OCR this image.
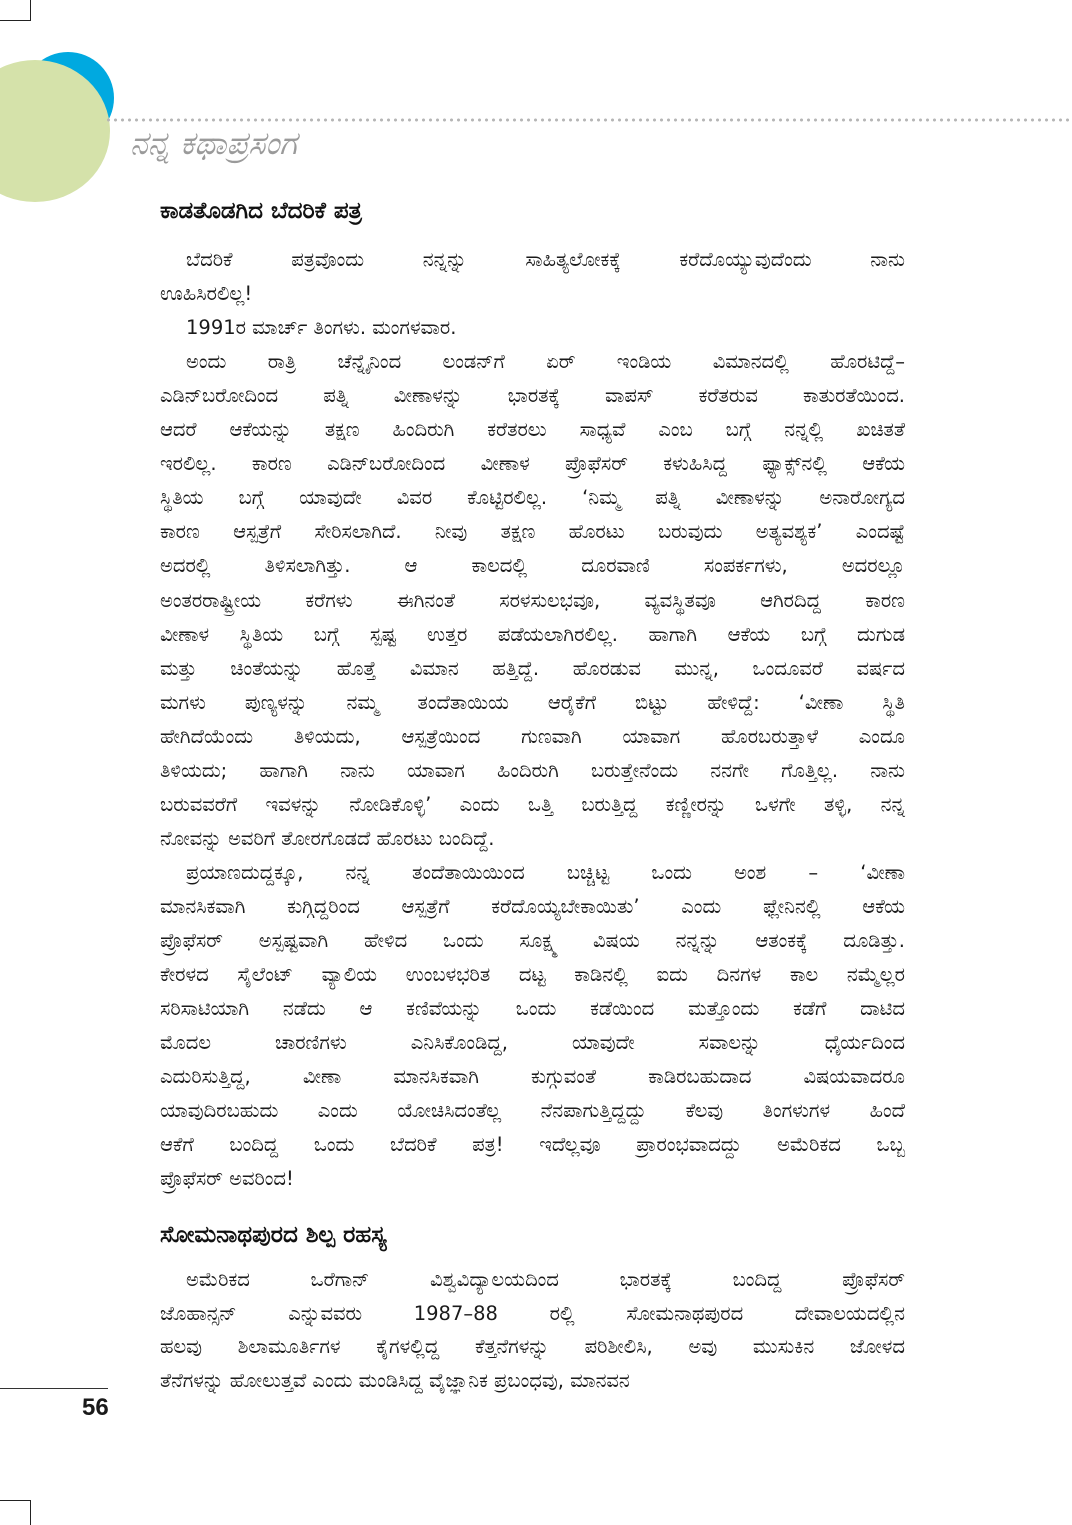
ನನ್ನ ಕಥಾಪ್ರಸಂಗ
ಕಾಡತೊಡಗಿದ ಬೆದರಿಕೆ ಪತ್ರ
ಬೆದರಿಕೆ ಪತ್ರವೊಂದು ನನ್ನನ್ನು ಸಾಹಿತ್ಯಲೋಕಕ್ಕೆ ಕರೆದೊಯ್ಯುವುದೆಂದು ನಾನು
ಊಹಿಸಿರಲಿಲ್ಲ!
1991ರ ಮಾರ್ಚ್ ತಿಂಗಳು. ಮಂಗಳವಾರ.
ಅಂದು ರಾತ್ರಿ ಚೆನ್ನೈನಿಂದ ಲಂಡನ್‌ಗೆ ಏರ್ ಇಂಡಿಯ ವಿಮಾನದಲ್ಲಿ ಹೊರಟಿದ್ದೆ–
ಎಡಿನ್‌ಬರೋದಿಂದ ಪತ್ನಿ ವೀಣಾಳನ್ನು ಭಾರತಕ್ಕೆ ವಾಪಸ್ ಕರೆತರುವ ಕಾತುರತೆಯಿಂದ.
ಆದರೆ ಆಕೆಯನ್ನು ತಕ್ಷಣ ಹಿಂದಿರುಗಿ ಕರೆತರಲು ಸಾಧ್ಯವೆ ಎಂಬ ಬಗ್ಗೆ ನನ್ನಲ್ಲಿ ಖಚಿತತೆ
ಇರಲಿಲ್ಲ. ಕಾರಣ ಎಡಿನ್‌ಬರೋದಿಂದ ವೀಣಾಳ ಪ್ರೊಫೆಸರ್ ಕಳುಹಿಸಿದ್ದ ಫ್ಯಾಕ್ಸ್‌ನಲ್ಲಿ ಆಕೆಯ
ಸ್ಥಿತಿಯ ಬಗ್ಗೆ ಯಾವುದೇ ವಿವರ ಕೊಟ್ಟಿರಲಿಲ್ಲ. ‘ನಿಮ್ಮ ಪತ್ನಿ ವೀಣಾಳನ್ನು ಅನಾರೋಗ್ಯದ
ಕಾರಣ ಆಸ್ಪತ್ರೆಗೆ ಸೇರಿಸಲಾಗಿದೆ. ನೀವು ತಕ್ಷಣ ಹೊರಟು ಬರುವುದು ಅತ್ಯವಶ್ಯಕ’ ಎಂದಷ್ಟೆ
ಅದರಲ್ಲಿ ತಿಳಿಸಲಾಗಿತ್ತು. ಆ ಕಾಲದಲ್ಲಿ ದೂರವಾಣಿ ಸಂಪರ್ಕಗಳು, ಅದರಲ್ಲೂ
ಅಂತರರಾಷ್ಟ್ರೀಯ ಕರೆಗಳು ಈಗಿನಂತೆ ಸರಳಸುಲಭವೂ, ವ್ಯವಸ್ಥಿತವೂ ಆಗಿರದಿದ್ದ ಕಾರಣ
ವೀಣಾಳ ಸ್ಥಿತಿಯ ಬಗ್ಗೆ ಸ್ಪಷ್ಟ ಉತ್ತರ ಪಡೆಯಲಾಗಿರಲಿಲ್ಲ. ಹಾಗಾಗಿ ಆಕೆಯ ಬಗ್ಗೆ ದುಗುಡ
ಮತ್ತು ಚಿಂತೆಯನ್ನು ಹೊತ್ತೆ ವಿಮಾನ ಹತ್ತಿದ್ದೆ. ಹೊರಡುವ ಮುನ್ನ, ಒಂದೂವರೆ ವರ್ಷದ
ಮಗಳು ಪುಣ್ಯಳನ್ನು ನಮ್ಮ ತಂದೆತಾಯಿಯ ಆರೈಕೆಗೆ ಬಿಟ್ಟು ಹೇಳಿದ್ದೆ: ‘ವೀಣಾ ಸ್ಥಿತಿ
ಹೇಗಿದೆಯೆಂದು ತಿಳಿಯದು, ಆಸ್ಪತ್ರೆಯಿಂದ ಗುಣವಾಗಿ ಯಾವಾಗ ಹೊರಬರುತ್ತಾಳೆ ಎಂದೂ
ತಿಳಿಯದು; ಹಾಗಾಗಿ ನಾನು ಯಾವಾಗ ಹಿಂದಿರುಗಿ ಬರುತ್ತೇನೆಂದು ನನಗೇ ಗೊತ್ತಿಲ್ಲ. ನಾನು
ಬರುವವರೆಗೆ ಇವಳನ್ನು ನೋಡಿಕೊಳ್ಳಿ’ ಎಂದು ಒತ್ತಿ ಬರುತ್ತಿದ್ದ ಕಣ್ಣೀರನ್ನು ಒಳಗೇ ತಳ್ಳಿ, ನನ್ನ
ನೋವನ್ನು ಅವರಿಗೆ ತೋರಗೊಡದೆ ಹೊರಟು ಬಂದಿದ್ದೆ.
ಪ್ರಯಾಣದುದ್ದಕ್ಕೂ, ನನ್ನ ತಂದೆತಾಯಿಯಿಂದ ಬಚ್ಚಿಟ್ಟ ಒಂದು ಅಂಶ – ‘ವೀಣಾ
ಮಾನಸಿಕವಾಗಿ ಕುಗ್ಗಿದ್ದರಿಂದ ಆಸ್ಪತ್ರೆಗೆ ಕರೆದೊಯ್ಯಬೇಕಾಯಿತು’ ಎಂದು ಫ್ಲೇನಿನಲ್ಲಿ ಆಕೆಯ
ಪ್ರೊಫೆಸರ್ ಅಸ್ಪಷ್ಟವಾಗಿ ಹೇಳಿದ ಒಂದು ಸೂಕ್ಷ್ಮ ವಿಷಯ ನನ್ನನ್ನು ಆತಂಕಕ್ಕೆ ದೂಡಿತ್ತು.
ಕೇರಳದ ಸೈಲೆಂಟ್ ವ್ಯಾಲಿಯ ಉಂಬಳಭರಿತ ದಟ್ಟ ಕಾಡಿನಲ್ಲಿ ಐದು ದಿನಗಳ ಕಾಲ ನಮ್ಮೆಲ್ಲರ
ಸರಿಸಾಟಿಯಾಗಿ ನಡೆದು ಆ ಕಣಿವೆಯನ್ನು ಒಂದು ಕಡೆಯಿಂದ ಮತ್ತೊಂದು ಕಡೆಗೆ ದಾಟಿದ
ಮೊದಲ ಚಾರಣಿಗಳು ಎನಿಸಿಕೊಂಡಿದ್ದ, ಯಾವುದೇ ಸವಾಲನ್ನು ಧೈರ್ಯದಿಂದ
ಎದುರಿಸುತ್ತಿದ್ದ, ವೀಣಾ ಮಾನಸಿಕವಾಗಿ ಕುಗ್ಗುವಂತೆ ಕಾಡಿರಬಹುದಾದ ವಿಷಯವಾದರೂ
ಯಾವುದಿರಬಹುದು ಎಂದು ಯೋಚಿಸಿದಂತೆಲ್ಲ ನೆನಪಾಗುತ್ತಿದ್ದದ್ದು ಕೆಲವು ತಿಂಗಳುಗಳ ಹಿಂದೆ
ಆಕೆಗೆ ಬಂದಿದ್ದ ಒಂದು ಬೆದರಿಕೆ ಪತ್ರ! ಇದೆಲ್ಲವೂ ಪ್ರಾರಂಭವಾದದ್ದು ಅಮೆರಿಕದ ಒಬ್ಬ
ಪ್ರೊಫೆಸರ್ ಅವರಿಂದ!
ಸೋಮನಾಥಪುರದ ಶಿಲ್ಪ ರಹಸ್ಯ
ಅಮೆರಿಕದ ಒರೆಗಾನ್ ವಿಶ್ವವಿದ್ಯಾಲಯದಿಂದ ಭಾರತಕ್ಕೆ ಬಂದಿದ್ದ ಪ್ರೊಫೆಸರ್
ಜೊಹಾನ್ಸನ್ ಎನ್ನುವವರು 1987–88 ರಲ್ಲಿ ಸೋಮನಾಥಪುರದ ದೇವಾಲಯದಲ್ಲಿನ
ಹಲವು ಶಿಲಾಮೂರ್ತಿಗಳ ಕೈಗಳಲ್ಲಿದ್ದ ಕೆತ್ತನೆಗಳನ್ನು ಪರಿಶೀಲಿಸಿ, ಅವು ಮುಸುಕಿನ ಜೋಳದ
ತೆನೆಗಳನ್ನು ಹೋಲುತ್ತವೆ ಎಂದು ಮಂಡಿಸಿದ್ದ ವೈಜ್ಞಾನಿಕ ಪ್ರಬಂಧವು, ಮಾನವನ
56
